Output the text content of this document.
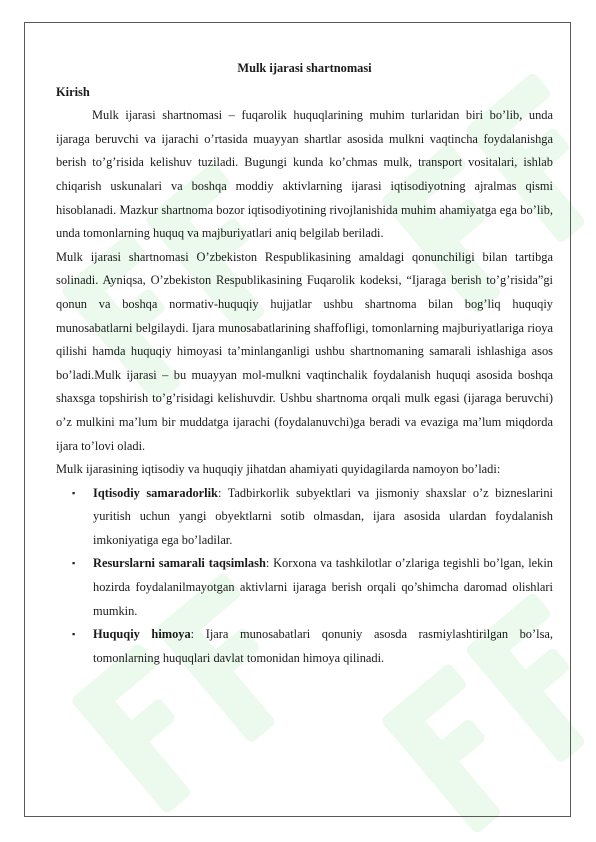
Mulk ijarasi shartnomasi

Kirish

Mulk ijarasi shartnomasi – fuqarolik huquqlarining muhim turlaridan biri bo’lib, unda ijaraga beruvchi va ijarachi o’rtasida muayyan shartlar asosida mulkni vaqtincha foydalanishga berish to’g’risida kelishuv tuziladi. Bugungi kunda ko’chmas mulk, transport vositalari, ishlab chiqarish uskunalari va boshqa moddiy aktivlarning ijarasi iqtisodiyotning ajralmas qismi hisoblanadi. Mazkur shartnoma bozor iqtisodiyotining rivojlanishida muhim ahamiyatga ega bo’lib, unda tomonlarning huquq va majburiyatlari aniq belgilab beriladi.

Mulk ijarasi shartnomasi O’zbekiston Respublikasining amaldagi qonunchiligi bilan tartibga solinadi. Ayniqsa, O’zbekiston Respublikasining Fuqarolik kodeksi, “Ijaraga berish to’g’risida”gi qonun va boshqa normativ-huquqiy hujjatlar ushbu shartnoma bilan bog’liq huquqiy munosabatlarni belgilaydi. Ijara munosabatlarining shaffofligi, tomonlarning majburiyatlariga rioya qilishi hamda huquqiy himoyasi ta’minlanganligi ushbu shartnomaning samarali ishlashiga asos bo’ladi.Mulk ijarasi – bu muayyan mol-mulkni vaqtinchalik foydalanish huquqi asosida boshqa shaxsga topshirish to’g’risidagi kelishuvdir. Ushbu shartnoma orqali mulk egasi (ijaraga beruvchi) o’z mulkini ma’lum bir muddatga ijarachi (foydalanuvchi)ga beradi va evaziga ma’lum miqdorda ijara to’lovi oladi.

Mulk ijarasining iqtisodiy va huquqiy jihatdan ahamiyati quyidagilarda namoyon bo’ladi:

▪ Iqtisodiy samaradorlik: Tadbirkorlik subyektlari va jismoniy shaxslar o’z bizneslarini yuritish uchun yangi obyektlarni sotib olmasdan, ijara asosida ulardan foydalanish imkoniyatiga ega bo’ladilar.
▪ Resurslarni samarali taqsimlash: Korxona va tashkilotlar o’zlariga tegishli bo’lgan, lekin hozirda foydalanilmayotgan aktivlarni ijaraga berish orqali qo’shimcha daromad olishlari mumkin.
▪ Huquqiy himoya: Ijara munosabatlari qonuniy asosda rasmiylashtirilgan bo’lsa, tomonlarning huquqlari davlat tomonidan himoya qilinadi.
